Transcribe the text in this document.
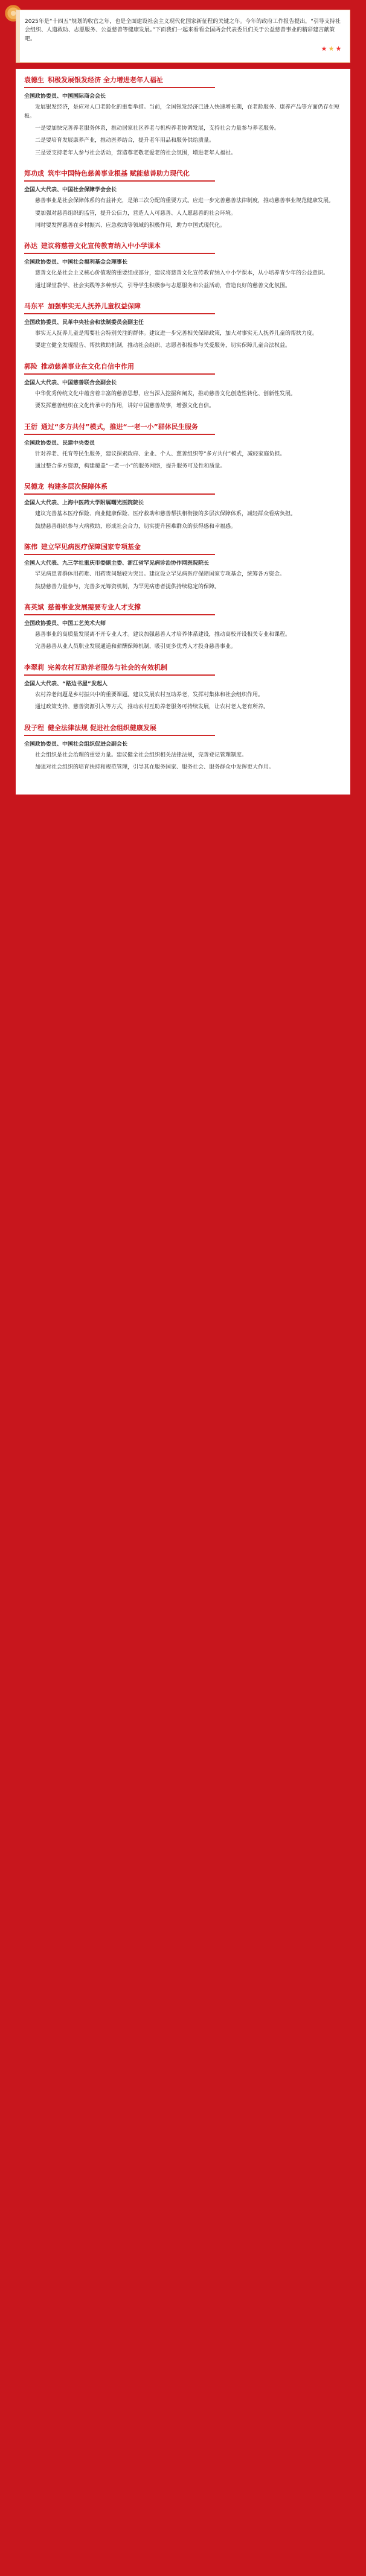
2025年是“十四五”规划的收官之年，也是全面建设社会主义现代化国家新征程的关键之年。今年的政府工作报告提出，“引导支持社会组织、人道救助、志愿服务、公益慈善等健康发展。”下面我们一起来看看全国两会代表委员们关于公益慈善事业的精彩建言献策吧。
袁德生 积极发展银发经济 全力增进老年人福祉
全国政协委员、中国国际商会会长

发展银发经济，是应对人口老龄化的重要举措。当前，全国银发经济已进入快速增长期，在老龄服务、康养产品等方面仍存在短板。

一是要加快完善养老服务体系，推动居家社区养老与机构养老协调发展，支持社会力量参与养老服务。

二是要培育发展康养产业，推动医养结合，提升老年用品和服务供给质量。

三是要支持老年人参与社会活动，营造尊老敬老爱老的社会氛围，增进老年人福祉。

郑功成 筑牢中国特色慈善事业根基 赋能慈善助力现代化
全国人大代表、中国社会保障学会会长

慈善事业是社会保障体系的有益补充，是第三次分配的重要方式。应进一步完善慈善法律制度，推动慈善事业规范健康发展。

要加强对慈善组织的监管，提升公信力，营造人人可慈善、人人愿慈善的社会环境。

同时要发挥慈善在乡村振兴、应急救助等领域的积极作用，助力中国式现代化。

孙达 建议将慈善文化宣传教育纳入中小学课本
全国政协委员、中国社会福利基金会理事长

慈善文化是社会主义核心价值观的重要组成部分，建议将慈善文化宣传教育纳入中小学课本，从小培养青少年的公益意识。

通过课堂教学、社会实践等多种形式，引导学生积极参与志愿服务和公益活动，营造良好的慈善文化氛围。

马东平 加强事实无人抚养儿童权益保障
全国政协委员、民革中央社会和法制委员会副主任

事实无人抚养儿童是需要社会特别关注的群体。建议进一步完善相关保障政策，加大对事实无人抚养儿童的帮扶力度。

要建立健全发现报告、帮扶救助机制，推动社会组织、志愿者积极参与关爱服务，切实保障儿童合法权益。

郭险 推动慈善事业在文化自信中作用
全国人大代表、中国慈善联合会副会长

中华优秀传统文化中蕴含着丰富的慈善思想，应当深入挖掘和阐发，推动慈善文化创造性转化、创新性发展。

要发挥慈善组织在文化传承中的作用，讲好中国慈善故事，增强文化自信。

王衍 通过“多方共付”模式，推进“一老一小”群体民生服务
全国政协委员、民建中央委员

针对养老、托育等民生服务，建议探索政府、企业、个人、慈善组织等“多方共付”模式，减轻家庭负担。

通过整合多方资源，构建覆盖“一老一小”的服务网络，提升服务可及性和质量。

吴德龙 构建多层次保障体系
全国人大代表、上海中医药大学附属曙光医院院长

建议完善基本医疗保险、商业健康保险、医疗救助和慈善帮扶相衔接的多层次保障体系，减轻群众看病负担。

鼓励慈善组织参与大病救助，形成社会合力，切实提升困难群众的获得感和幸福感。

陈伟 建立罕见病医疗保障国家专项基金
全国人大代表、九三学社重庆市委副主委、浙江省罕见病诊治协作网医院院长

罕见病患者群体用药难、用药贵问题较为突出。建议设立罕见病医疗保障国家专项基金，统筹各方资金。

鼓励慈善力量参与，完善多元筹资机制，为罕见病患者提供持续稳定的保障。

高英斌 慈善事业发展需要专业人才支撑
全国政协委员、中国工艺美术大师

慈善事业的高质量发展离不开专业人才。建议加强慈善人才培养体系建设，推动高校开设相关专业和课程。

完善慈善从业人员职业发展通道和薪酬保障机制，吸引更多优秀人才投身慈善事业。

李翠莉 完善农村互助养老服务与社会的有效机制
全国人大代表、“路边书屋”发起人

农村养老问题是乡村振兴中的重要课题。建议发展农村互助养老，发挥村集体和社会组织作用。

通过政策支持、慈善资源引入等方式，推动农村互助养老服务可持续发展，让农村老人老有所养。

段子程 健全法律法规 促进社会组织健康发展
全国政协委员、中国社会组织促进会副会长

社会组织是社会治理的重要力量。建议健全社会组织相关法律法规，完善登记管理制度。

加强对社会组织的培育扶持和规范管理，引导其在服务国家、服务社会、服务群众中发挥更大作用。
